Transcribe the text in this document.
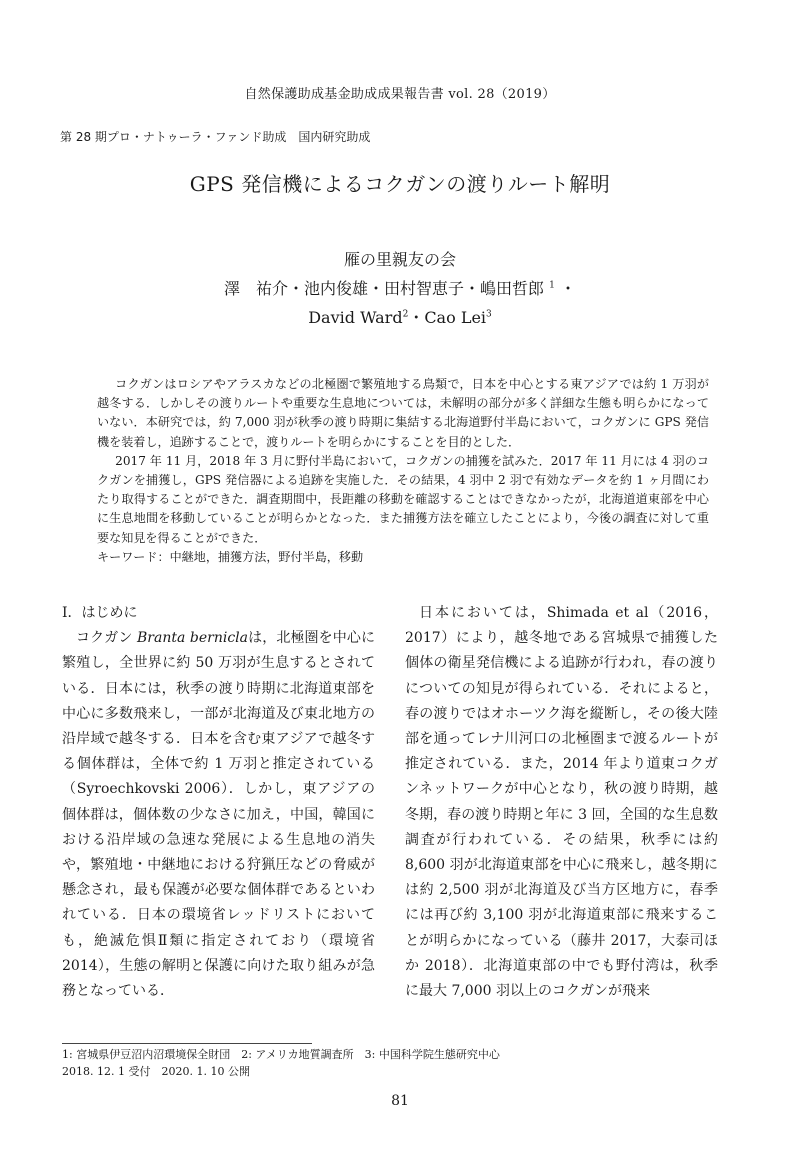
自然保護助成基金助成成果報告書 vol. 28（2019）
第 28 期プロ・ナトゥーラ・ファンド助成　国内研究助成
GPS 発信機によるコクガンの渡りルート解明
雁の里親友の会
澤　祐介・池内俊雄・田村智恵子・嶋田哲郎 $^1$ ・
David Ward$^2$・Cao Lei$^3$

コクガンはロシアやアラスカなどの北極圏で繁殖地する鳥類で，日本を中心とする東アジアでは約 1 万羽が越冬する．しかしその渡りルートや重要な生息地については，未解明の部分が多く詳細な生態も明らかになっていない．本研究では，約 7,000 羽が秋季の渡り時期に集結する北海道野付半島において，コクガンに GPS 発信機を装着し，追跡することで，渡りルートを明らかにすることを目的とした．

2017 年 11 月，2018 年 3 月に野付半島において，コクガンの捕獲を試みた．2017 年 11 月には 4 羽のコクガンを捕獲し，GPS 発信器による追跡を実施した．その結果，4 羽中 2 羽で有効なデータを約 1 ヶ月間にわたり取得することができた．調査期間中，長距離の移動を確認することはできなかったが，北海道道東部を中心に生息地間を移動していることが明らかとなった．また捕獲方法を確立したことにより，今後の調査に対して重要な知見を得ることができた．

キーワード：中継地，捕獲方法，野付半島，移動

Ⅰ．はじめに

コクガン Branta berniclaは，北極圏を中心に繁殖し，全世界に約 50 万羽が生息するとされている．日本には，秋季の渡り時期に北海道東部を中心に多数飛来し，一部が北海道及び東北地方の沿岸域で越冬する．日本を含む東アジアで越冬する個体群は，全体で約 1 万羽と推定されている（Syroechkovski 2006）．しかし，東アジアの個体群は，個体数の少なさに加え，中国，韓国における沿岸域の急速な発展による生息地の消失や，繁殖地・中継地における狩猟圧などの脅威が懸念され，最も保護が必要な個体群であるといわれている．日本の環境省レッドリストにおいても，絶滅危惧Ⅱ類に指定されており（環境省 2014），生態の解明と保護に向けた取り組みが急務となっている．

日本においては，Shimada et al（2016，2017）により，越冬地である宮城県で捕獲した個体の衛星発信機による追跡が行われ，春の渡りについての知見が得られている．それによると，春の渡りではオホーツク海を縦断し，その後大陸部を通ってレナ川河口の北極圏まで渡るルートが推定されている．また，2014 年より道東コクガンネットワークが中心となり，秋の渡り時期，越冬期，春の渡り時期と年に 3 回，全国的な生息数調査が行われている．その結果，秋季には約 8,600 羽が北海道東部を中心に飛来し，越冬期には約 2,500 羽が北海道及び当方区地方に，春季には再び約 3,100 羽が北海道東部に飛来することが明らかになっている（藤井 2017，大泰司ほか 2018）．北海道東部の中でも野付湾は，秋季に最大 7,000 羽以上のコクガンが飛来

1: 宮城県伊豆沼内沼環境保全財団　2: アメリカ地質調査所　3: 中国科学院生態研究中心
2018. 12. 1 受付　2020. 1. 10 公開
81
